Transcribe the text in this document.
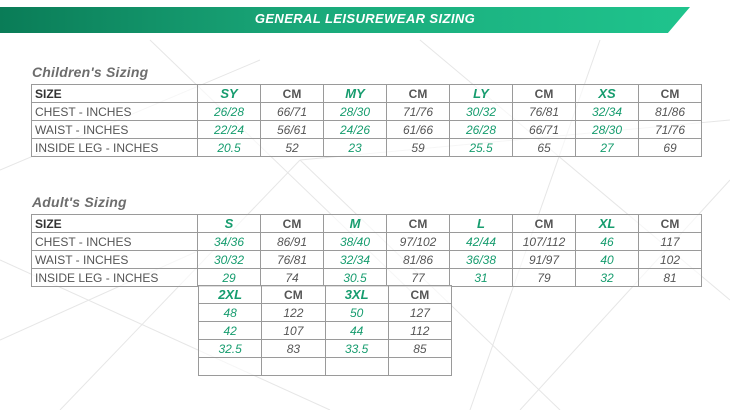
GENERAL LEISUREWEAR SIZING
Children's Sizing
SIZE	SY	CM	MY	CM	LY	CM	XS	CM
CHEST - INCHES	26/28	66/71	28/30	71/76	30/32	76/81	32/34	81/86
WAIST - INCHES	22/24	56/61	24/26	61/66	26/28	66/71	28/30	71/76
INSIDE LEG - INCHES	20.5	52	23	59	25.5	65	27	69
Adult's Sizing
SIZE	S	CM	M	CM	L	CM	XL	CM
CHEST - INCHES	34/36	86/91	38/40	97/102	42/44	107/112	46	117
WAIST - INCHES	30/32	76/81	32/34	81/86	36/38	91/97	40	102
INSIDE LEG - INCHES	29	74	30.5	77	31	79	32	81
2XL	CM	3XL	CM
48	122	50	127
42	107	44	112
32.5	83	33.5	85
